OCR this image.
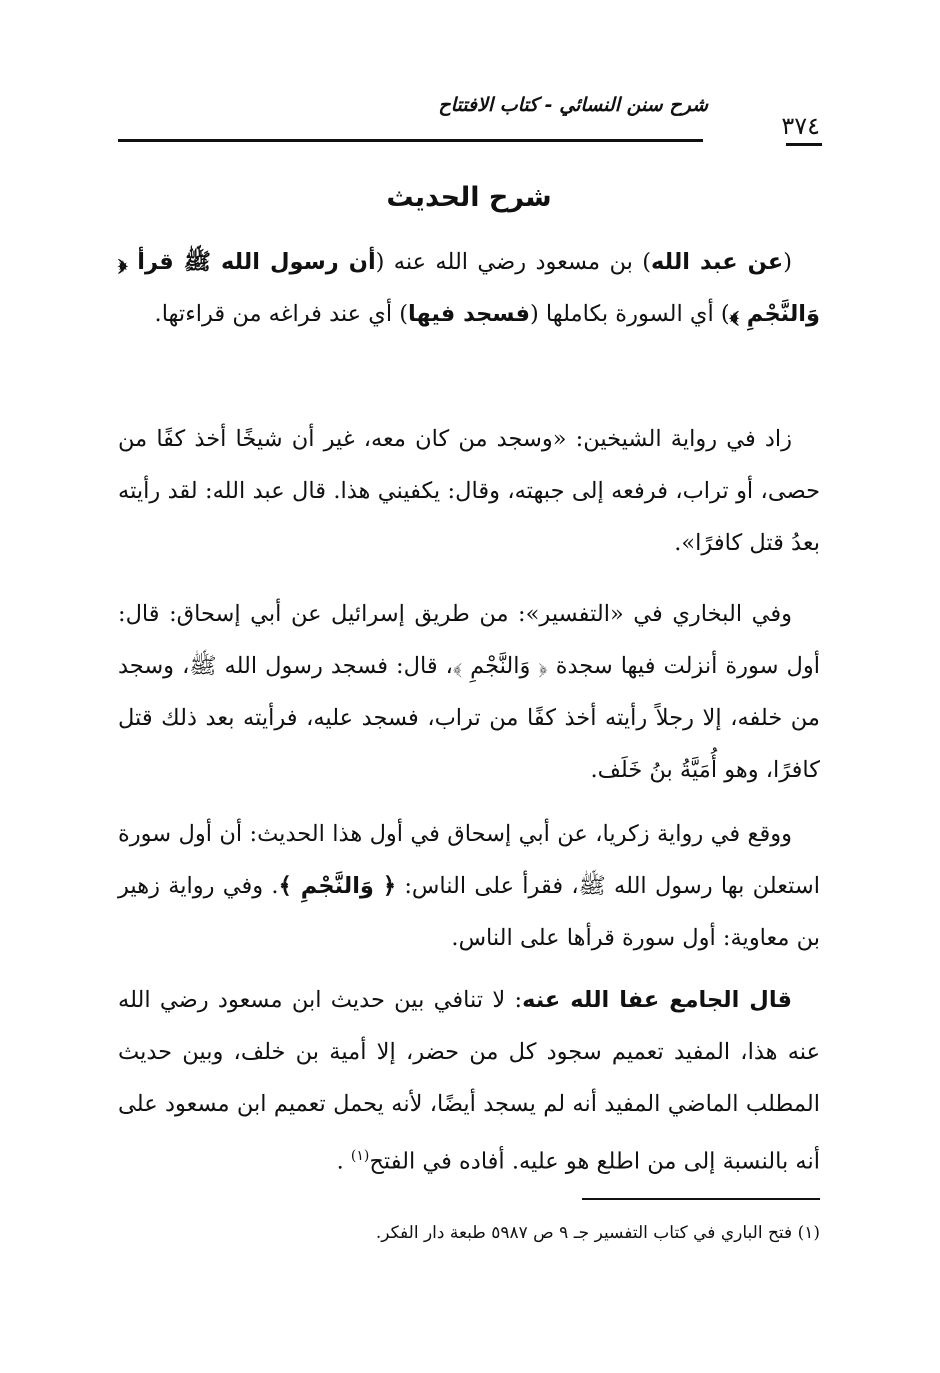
شرح سنن النسائي - كتاب الافتتاح
٣٧٤
شرح الحديث
(عن عبد الله) بن مسعود رضي الله عنه (أن رسول الله ﷺ قرأ ﴿ وَالنَّجْمِ ﴾) أي السورة بكاملها (فسجد فيها) أي عند فراغه من قراءتها.
زاد في رواية الشيخين: «وسجد من كان معه، غير أن شيخًا أخذ كفًا من حصى، أو تراب، فرفعه إلى جبهته، وقال: يكفيني هذا. قال عبد الله: لقد رأيته بعدُ قتل كافرًا».
وفي البخاري في «التفسير»: من طريق إسرائيل عن أبي إسحاق: قال: أول سورة أنزلت فيها سجدة ﴿ وَالنَّجْمِ ﴾، قال: فسجد رسول الله ﷺ، وسجد من خلفه، إلا رجلاً رأيته أخذ كفًا من تراب، فسجد عليه، فرأيته بعد ذلك قتل كافرًا، وهو أُمَيَّةُ بنُ خَلَف.
ووقع في رواية زكريا، عن أبي إسحاق في أول هذا الحديث: أن أول سورة استعلن بها رسول الله ﷺ، فقرأ على الناس: ﴿ وَالنَّجْمِ ﴾. وفي رواية زهير بن معاوية: أول سورة قرأها على الناس.
قال الجامع عفا الله عنه: لا تنافي بين حديث ابن مسعود رضي الله عنه هذا، المفيد تعميم سجود كل من حضر، إلا أمية بن خلف، وبين حديث المطلب الماضي المفيد أنه لم يسجد أيضًا، لأنه يحمل تعميم ابن مسعود على أنه بالنسبة إلى من اطلع هو عليه. أفاده في الفتح$^{(١)}$ .
(١) فتح الباري في كتاب التفسير جـ ٩ ص ٥٩٨٧ طبعة دار الفكر.
